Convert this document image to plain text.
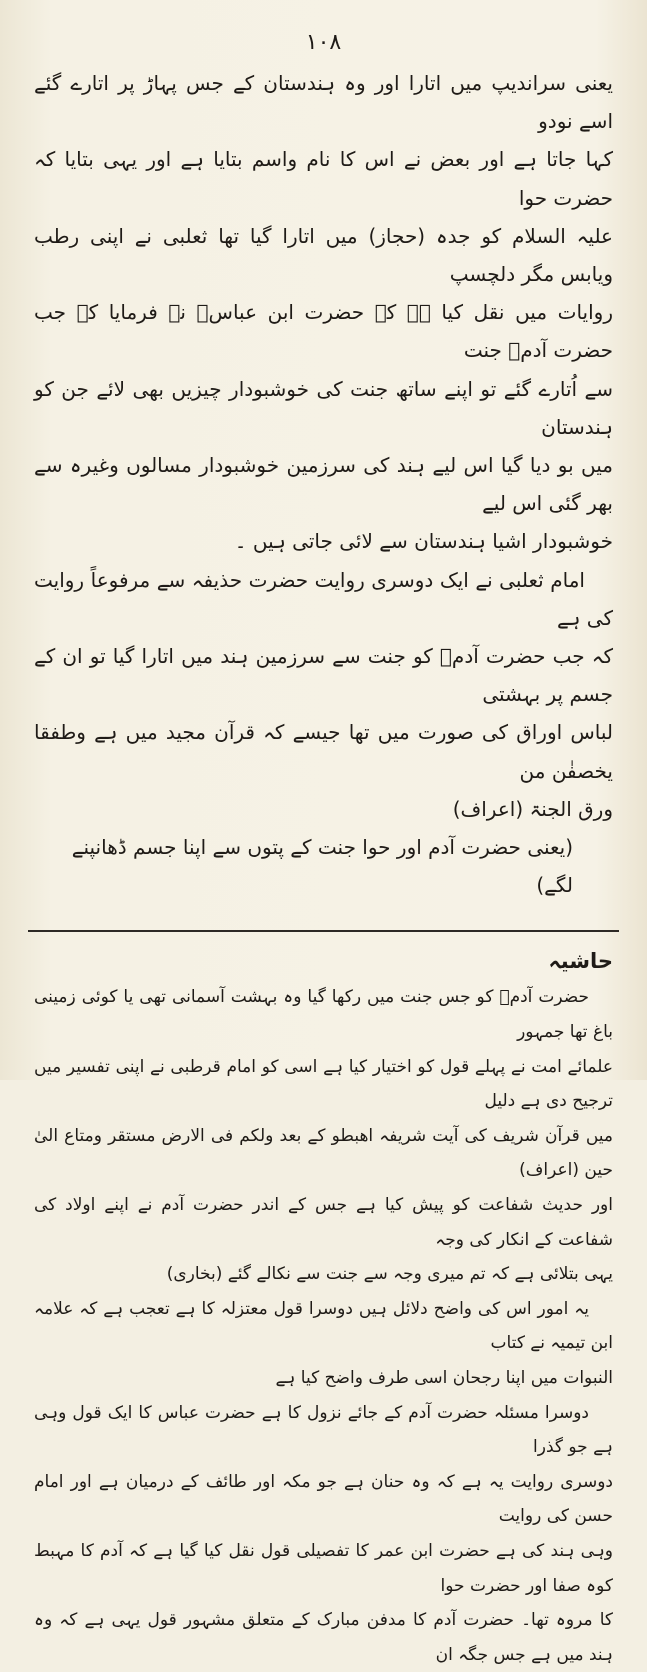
١٠٨

یعنی سراندیپ میں اتارا اور وہ ہندستان کے جس پہاڑ پر اتارے گئے اسے نودو

کہا جاتا ہے اور بعض نے اس کا نام واسم بتایا ہے اور یہی بتایا کہ حضرت حوا

علیہ السلام کو جدہ (حجاز) میں اتارا گیا تھا ثعلبی نے اپنی رطب ویابس مگر دلچسپ

روایات میں نقل کیا ہے کہ حضرت ابن عباسؓ نے فرمایا کہ جب حضرت آدمؑ جنت

سے اُتارے گئے تو اپنے ساتھ جنت کی خوشبودار چیزیں بھی لائے جن کو ہندستان

میں بو دیا گیا اس لیے ہند کی سرزمین خوشبودار مسالوں وغیرہ سے بھر گئی اس لیے

خوشبودار اشیا ہندستان سے لائی جاتی ہیں ۔

امام ثعلبی نے ایک دوسری روایت حضرت حذیفہ سے مرفوعاً روایت کی ہے

کہ جب حضرت آدمؑ کو جنت سے سرزمین ہند میں اتارا گیا تو ان کے جسم پر بہشتی

لباس اوراق کی صورت میں تھا جیسے کہ قرآن مجید میں ہے وطفقا یخصفٰن من

ورق الجنۃ (اعراف)

(یعنی حضرت آدم اور حوا جنت کے پتوں سے اپنا جسم ڈھانپنے لگے)

حاشیہ

حضرت آدمؑ کو جس جنت میں رکھا گیا وہ بہشت آسمانی تھی یا کوئی زمینی باغ تھا جمہور

علمائے امت نے پہلے قول کو اختیار کیا ہے اسی کو امام قرطبی نے اپنی تفسیر میں ترجیح دی ہے دلیل

میں قرآن شریف کی آیت شریفہ اھبطو کے بعد ولکم فی الارض مستقر ومتاع الیٰ حین (اعراف)

اور حدیث شفاعت کو پیش کیا ہے جس کے اندر حضرت آدم نے اپنے اولاد کی شفاعت کے انکار کی وجہ

یہی بتلائی ہے کہ تم میری وجہ سے جنت سے نکالے گئے (بخاری)

یہ امور اس کی واضح دلائل ہیں دوسرا قول معتزلہ کا ہے تعجب ہے کہ علامہ ابن تیمیہ نے کتاب

النبوات میں اپنا رجحان اسی طرف واضح کیا ہے

دوسرا مسئلہ حضرت آدم کے جائے نزول کا ہے حضرت عباس کا ایک قول وہی ہے جو گذرا

دوسری روایت یہ ہے کہ وہ حنان ہے جو مکہ اور طائف کے درمیان ہے اور امام حسن کی روایت

وہی ہند کی ہے حضرت ابن عمر کا تفصیلی قول نقل کیا گیا ہے کہ آدم کا مہبط کوہ صفا اور حضرت حوا

کا مروہ تھا۔ حضرت آدم کا مدفن مبارک کے متعلق مشہور قول یہی ہے کہ وہ ہند میں ہے جس جگہ ان
